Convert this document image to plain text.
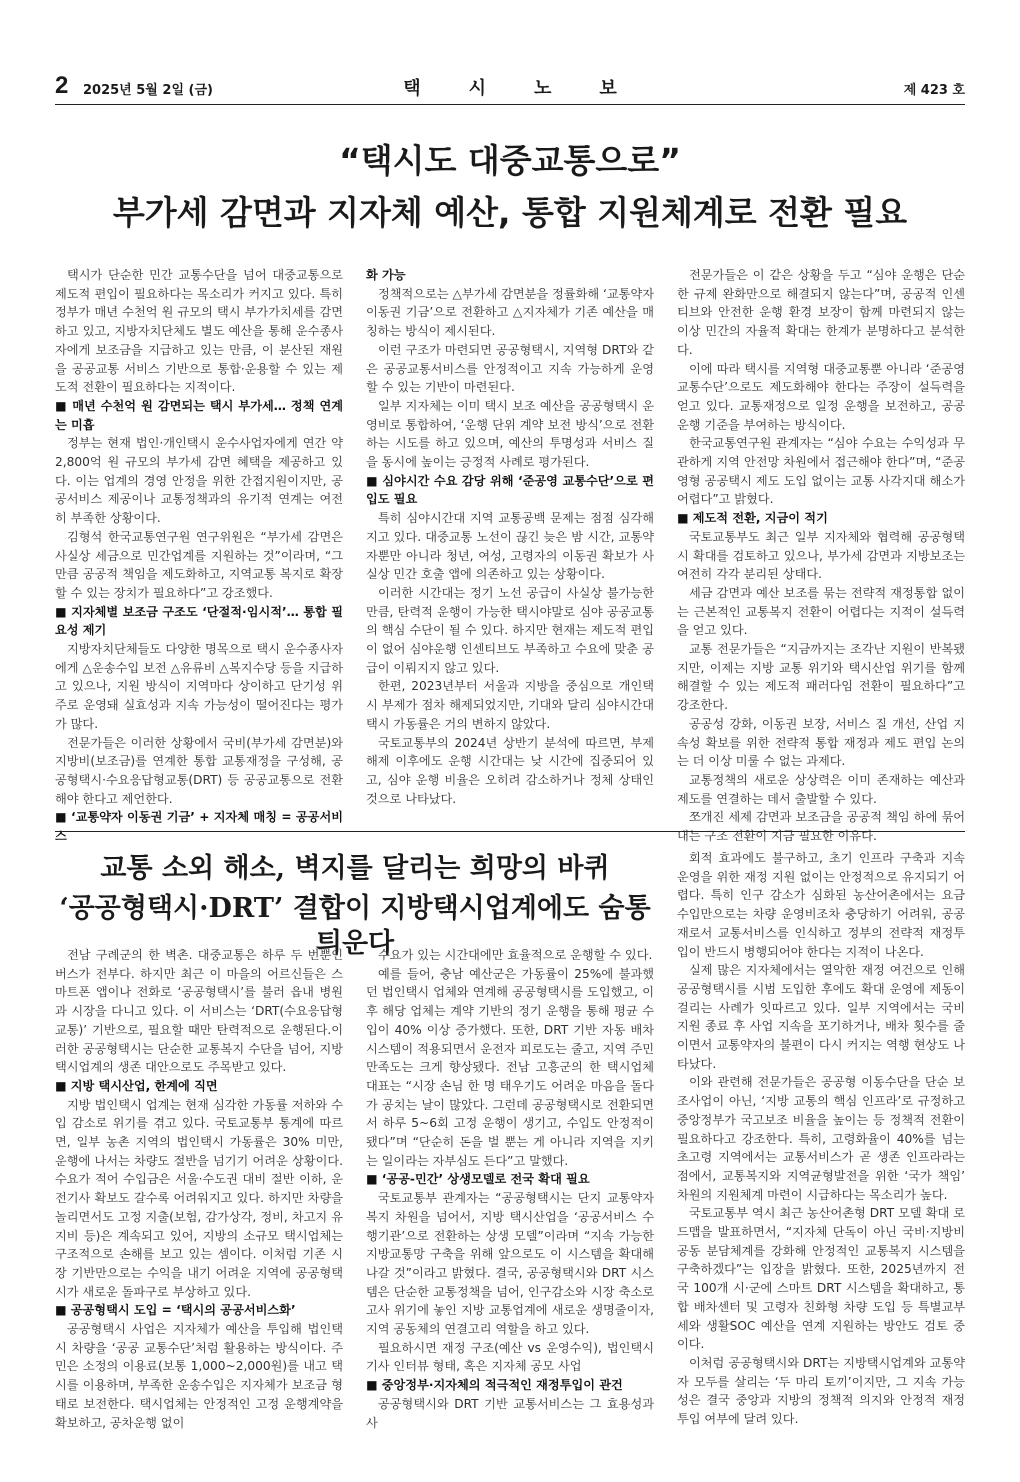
2 2025년 5월 2일 (금)	택시노보	제 423 호
“택시도 대중교통으로”
부가세 감면과 지자체 예산, 통합 지원체계로 전환 필요

택시가 단순한 민간 교통수단을 넘어 대중교통으로 제도적 편입이 필요하다는 목소리가 커지고 있다. 특히 정부가 매년 수천억 원 규모의 택시 부가가치세를 감면하고 있고, 지방자치단체도 별도 예산을 통해 운수종사자에게 보조금을 지급하고 있는 만큼, 이 분산된 재원을 공공교통 서비스 기반으로 통합·운용할 수 있는 제도적 전환이 필요하다는 지적이다.

■ 매년 수천억 원 감면되는 택시 부가세… 정책 연계는 미흡

정부는 현재 법인·개인택시 운수사업자에게 연간 약 2,800억 원 규모의 부가세 감면 혜택을 제공하고 있다. 이는 업계의 경영 안정을 위한 간접지원이지만, 공공서비스 제공이나 교통정책과의 유기적 연계는 여전히 부족한 상황이다.

김형석 한국교통연구원 연구위원은 “부가세 감면은 사실상 세금으로 민간업계를 지원하는 것”이라며, “그만큼 공공적 책임을 제도화하고, 지역교통 복지로 확장할 수 있는 장치가 필요하다”고 강조했다.

■ 지자체별 보조금 구조도 ‘단절적·임시적’… 통합 필요성 제기

지방자치단체들도 다양한 명목으로 택시 운수종사자에게 △운송수입 보전 △유류비 △복지수당 등을 지급하고 있으나, 지원 방식이 지역마다 상이하고 단기성 위주로 운영돼 실효성과 지속 가능성이 떨어진다는 평가가 많다.

전문가들은 이러한 상황에서 국비(부가세 감면분)와 지방비(보조금)를 연계한 통합 교통재정을 구성해, 공공형택시·수요응답형교통(DRT) 등 공공교통으로 전환해야 한다고 제언한다.

■ ‘교통약자 이동권 기금’ + 지자체 매칭 = 공공서비스

화 가능

정책적으로는 △부가세 감면분을 정률화해 ‘교통약자 이동권 기금’으로 전환하고 △지자체가 기존 예산을 매칭하는 방식이 제시된다.

이런 구조가 마련되면 공공형택시, 지역형 DRT와 같은 공공교통서비스를 안정적이고 지속 가능하게 운영할 수 있는 기반이 마련된다.

일부 지자체는 이미 택시 보조 예산을 공공형택시 운영비로 통합하여, ‘운행 단위 계약 보전 방식’으로 전환하는 시도를 하고 있으며, 예산의 투명성과 서비스 질을 동시에 높이는 긍정적 사례로 평가된다.

■ 심야시간 수요 감당 위해 ‘준공영 교통수단’으로 편입도 필요

특히 심야시간대 지역 교통공백 문제는 점점 심각해지고 있다. 대중교통 노선이 끊긴 늦은 밤 시간, 교통약자뿐만 아니라 청년, 여성, 고령자의 이동권 확보가 사실상 민간 호출 앱에 의존하고 있는 상황이다.

이러한 시간대는 정기 노선 공급이 사실상 불가능한 만큼, 탄력적 운행이 가능한 택시야말로 심야 공공교통의 핵심 수단이 될 수 있다. 하지만 현재는 제도적 편입이 없어 심야운행 인센티브도 부족하고 수요에 맞춘 공급이 이뤄지지 않고 있다.

한편, 2023년부터 서울과 지방을 중심으로 개인택시 부제가 점차 해제되었지만, 기대와 달리 심야시간대 택시 가동률은 거의 변하지 않았다.

국토교통부의 2024년 상반기 분석에 따르면, 부제 해제 이후에도 운행 시간대는 낮 시간에 집중되어 있고, 심야 운행 비율은 오히려 감소하거나 정체 상태인 것으로 나타났다.

전문가들은 이 같은 상황을 두고 “심야 운행은 단순한 규제 완화만으로 해결되지 않는다”며, 공공적 인센티브와 안전한 운행 환경 보장이 함께 마련되지 않는 이상 민간의 자율적 확대는 한계가 분명하다고 분석한다.

이에 따라 택시를 지역형 대중교통뿐 아니라 ‘준공영 교통수단’으로도 제도화해야 한다는 주장이 설득력을 얻고 있다. 교통재정으로 일정 운행을 보전하고, 공공 운행 기준을 부여하는 방식이다.

한국교통연구원 관계자는 “심야 수요는 수익성과 무관하게 지역 안전망 차원에서 접근해야 한다”며, “준공영형 공공택시 제도 도입 없이는 교통 사각지대 해소가 어렵다”고 밝혔다.

■ 제도적 전환, 지금이 적기

국토교통부도 최근 일부 지자체와 협력해 공공형택시 확대를 검토하고 있으나, 부가세 감면과 지방보조는 여전히 각각 분리된 상태다.

세금 감면과 예산 보조를 묶는 전략적 재정통합 없이는 근본적인 교통복지 전환이 어렵다는 지적이 설득력을 얻고 있다.

교통 전문가들은 “지금까지는 조각난 지원이 반복됐지만, 이제는 지방 교통 위기와 택시산업 위기를 함께 해결할 수 있는 제도적 패러다임 전환이 필요하다”고 강조한다.

공공성 강화, 이동권 보장, 서비스 질 개선, 산업 지속성 확보를 위한 전략적 통합 재정과 제도 편입 논의는 더 이상 미룰 수 없는 과제다.

교통정책의 새로운 상상력은 이미 존재하는 예산과 제도를 연결하는 데서 출발할 수 있다.

쪼개진 세제 감면과 보조금을 공공적 책임 하에 묶어내는 구조 전환이 지금 필요한 이유다.

교통 소외 해소, 벽지를 달리는 희망의 바퀴
‘공공형택시·DRT’ 결합이 지방택시업계에도 숨통 틔운다

전남 구례군의 한 벽촌. 대중교통은 하루 두 번뿐인 버스가 전부다. 하지만 최근 이 마을의 어르신들은 스마트폰 앱이나 전화로 ‘공공형택시’를 불러 읍내 병원과 시장을 다니고 있다. 이 서비스는 ‘DRT(수요응답형 교통)’ 기반으로, 필요할 때만 탄력적으로 운행된다.이러한 공공형택시는 단순한 교통복지 수단을 넘어, 지방 택시업계의 생존 대안으로도 주목받고 있다.

■ 지방 택시산업, 한계에 직면

지방 법인택시 업계는 현재 심각한 가동률 저하와 수입 감소로 위기를 겪고 있다. 국토교통부 통계에 따르면, 일부 농촌 지역의 법인택시 가동률은 30% 미만, 운행에 나서는 차량도 절반을 넘기기 어려운 상황이다. 수요가 적어 수입금은 서울·수도권 대비 절반 이하, 운전기사 확보도 갈수록 어려워지고 있다. 하지만 차량을 놀리면서도 고정 지출(보험, 감가상각, 정비, 차고지 유지비 등)은 계속되고 있어, 지방의 소규모 택시업체는 구조적으로 손해를 보고 있는 셈이다. 이처럼 기존 시장 기반만으로는 수익을 내기 어려운 지역에 공공형택시가 새로운 돌파구로 부상하고 있다.

■ 공공형택시 도입 = ‘택시의 공공서비스화’

공공형택시 사업은 지자체가 예산을 투입해 법인택시 차량을 ‘공공 교통수단’처럼 활용하는 방식이다. 주민은 소정의 이용료(보통 1,000~2,000원)를 내고 택시를 이용하며, 부족한 운송수입은 지자체가 보조금 형태로 보전한다. 택시업체는 안정적인 고정 운행계약을 확보하고, 공차운행 없이

수요가 있는 시간대에만 효율적으로 운행할 수 있다.

예를 들어, 충남 예산군은 가동률이 25%에 불과했던 법인택시 업체와 연계해 공공형택시를 도입했고, 이후 해당 업체는 계약 기반의 정기 운행을 통해 평균 수입이 40% 이상 증가했다. 또한, DRT 기반 자동 배차 시스템이 적용되면서 운전자 피로도는 줄고, 지역 주민 만족도는 크게 향상됐다. 전남 고흥군의 한 택시업체 대표는 “시장 손님 한 명 태우기도 어려운 마음을 돌다가 공치는 날이 많았다. 그런데 공공형택시로 전환되면서 하루 5~6회 고정 운행이 생기고, 수입도 안정적이 됐다”며 “단순히 돈을 벌 뿐는 게 아니라 지역을 지키는 일이라는 자부심도 든다”고 말했다.

■ ‘공공-민간’ 상생모델로 전국 확대 필요

국토교통부 관계자는 “공공형택시는 단지 교통약자 복지 차원을 넘어서, 지방 택시산업을 ‘공공서비스 수행기관’으로 전환하는 상생 모델”이라며 “지속 가능한 지방교통망 구축을 위해 앞으로도 이 시스템을 확대해 나갈 것”이라고 밝혔다. 결국, 공공형택시와 DRT 시스템은 단순한 교통정책을 넘어, 인구감소와 시장 축소로 고사 위기에 놓인 지방 교통업계에 새로운 생명줄이자, 지역 공동체의 연결고리 역할을 하고 있다.

필요하시면 재정 구조(예산 vs 운영수익), 법인택시 기사 인터뷰 형태, 혹은 지자체 공모 사업

■ 중앙정부·지자체의 적극적인 재정투입이 관건

공공형택시와 DRT 기반 교통서비스는 그 효용성과 사

회적 효과에도 불구하고, 초기 인프라 구축과 지속 운영을 위한 재정 지원 없이는 안정적으로 유지되기 어렵다. 특히 인구 감소가 심화된 농산어촌에서는 요금 수입만으로는 차량 운영비조차 충당하기 어려워, 공공재로서 교통서비스를 인식하고 정부의 전략적 재정투입이 반드시 병행되어야 한다는 지적이 나온다.

실제 많은 지자체에서는 열악한 재정 여건으로 인해 공공형택시를 시범 도입한 후에도 확대 운영에 제동이 걸리는 사례가 잇따르고 있다. 일부 지역에서는 국비 지원 종료 후 사업 지속을 포기하거나, 배차 횟수를 줄이면서 교통약자의 불편이 다시 커지는 역행 현상도 나타났다.

이와 관련해 전문가들은 공공형 이동수단을 단순 보조사업이 아닌, ‘지방 교통의 핵심 인프라’로 규정하고 중앙정부가 국고보조 비율을 높이는 등 정책적 전환이 필요하다고 강조한다. 특히, 고령화율이 40%를 넘는 초고령 지역에서는 교통서비스가 곧 생존 인프라라는 점에서, 교통복지와 지역균형발전을 위한 ‘국가 책임’ 차원의 지원체계 마련이 시급하다는 목소리가 높다.

국토교통부 역시 최근 농산어촌형 DRT 모델 확대 로드맵을 발표하면서, “지자체 단독이 아닌 국비·지방비 공동 분담체계를 강화해 안정적인 교통복지 시스템을 구축하겠다”는 입장을 밝혔다. 또한, 2025년까지 전국 100개 시·군에 스마트 DRT 시스템을 확대하고, 통합 배차센터 및 고령자 친화형 차량 도입 등 특별교부세와 생활SOC 예산을 연계 지원하는 방안도 검토 중이다.

이처럼 공공형택시와 DRT는 지방택시업계와 교통약자 모두를 살리는 ‘두 마리 토끼’이지만, 그 지속 가능성은 결국 중앙과 지방의 정책적 의지와 안정적 재정 투입 여부에 달려 있다.
